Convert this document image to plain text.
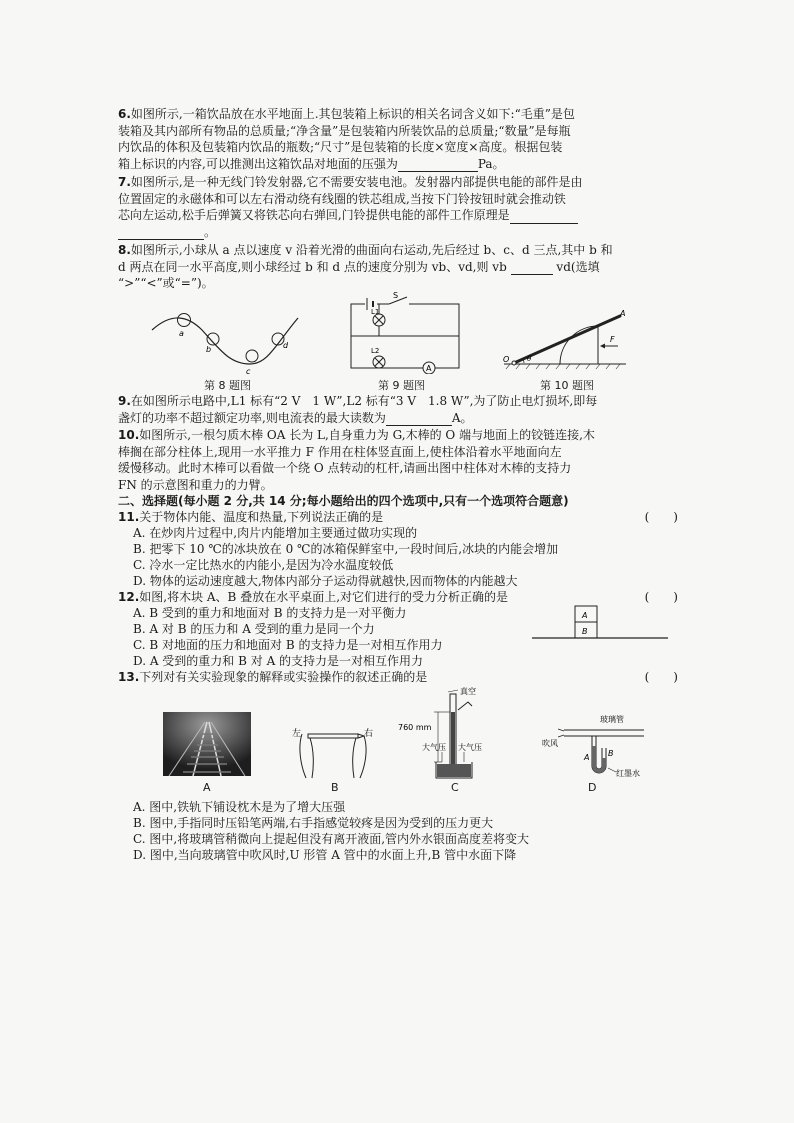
6.如图所示,一箱饮品放在水平地面上.其包装箱上标识的相关名词含义如下:“毛重”是包
装箱及其内部所有物品的总质量;“净含量”是包装箱内所装饮品的总质量;“数量”是每瓶
内饮品的体积及包装箱内饮品的瓶数;“尺寸”是包装箱的长度×宽度×高度。根据包装
箱上标识的内容,可以推测出这箱饮品对地面的压强为	Pa。
7.如图所示,是一种无线门铃发射器,它不需要安装电池。发射器内部提供电能的部件是由
位置固定的永磁体和可以左右滑动绕有线圈的铁芯组成,当按下门铃按钮时就会推动铁
芯向左运动,松手后弹簧又将铁芯向右弹回,门铃提供电能的部件工作原理是
。
8.如图所示,小球从 a 点以速度 v 沿着光滑的曲面向右运动,先后经过 b、c、d 三点,其中 b 和
d 两点在同一水平高度,则小球经过 b 和 d 点的速度分别为 vb、vd,则 vb	vd(选填
“>”“<”或“=”)。
a
b
c
d
第 8 题图
S
L1
L2
A
第 9 题图
A
F
O	θ
第 10 题图
9.在如图所示电路中,L1 标有“2 V　1 W”,L2 标有“3 V　1.8 W”,为了防止电灯损坏,即每
盏灯的功率不超过额定功率,则电流表的最大读数为	A。
10.如图所示,一根匀质木棒 OA 长为 L,自身重力为 G,木棒的 O 端与地面上的铰链连接,木
棒搁在部分柱体上,现用一水平推力 F 作用在柱体竖直面上,使柱体沿着水平地面向左
缓慢移动。此时木棒可以看做一个绕 O 点转动的杠杆,请画出图中柱体对木棒的支持力
FN 的示意图和重力的力臂。
二、选择题(每小题 2 分,共 14 分;每小题给出的四个选项中,只有一个选项符合题意)
11.关于物体内能、温度和热量,下列说法正确的是	(　　)
A. 在炒肉片过程中,肉片内能增加主要通过做功实现的
B. 把零下 10 ℃的冰块放在 0 ℃的冰箱保鲜室中,一段时间后,冰块的内能会增加
C. 冷水一定比热水的内能小,是因为冷水温度较低
D. 物体的运动速度越大,物体内部分子运动得就越快,因而物体的内能越大
12.如图,将木块 A、B 叠放在水平桌面上,对它们进行的受力分析正确的是	(　　)
A. B 受到的重力和地面对 B 的支持力是一对平衡力
B. A 对 B 的压力和 A 受到的重力是同一个力
C. B 对地面的压力和地面对 B 的支持力是一对相互作用力
D. A 受到的重力和 B 对 A 的支持力是一对相互作用力
A
B
13.下列对有关实验现象的解释或实验操作的叙述正确的是	(　　)
A
左	右
B
真空
760 mm
大气压 大气压
C
玻璃管
吹风
A B
红墨水
D
A. 图中,铁轨下铺设枕木是为了增大压强
B. 图中,手指同时压铅笔两端,右手指感觉较疼是因为受到的压力更大
C. 图中,将玻璃管稍微向上提起但没有离开液面,管内外水银面高度差将变大
D. 图中,当向玻璃管中吹风时,U 形管 A 管中的水面上升,B 管中水面下降
